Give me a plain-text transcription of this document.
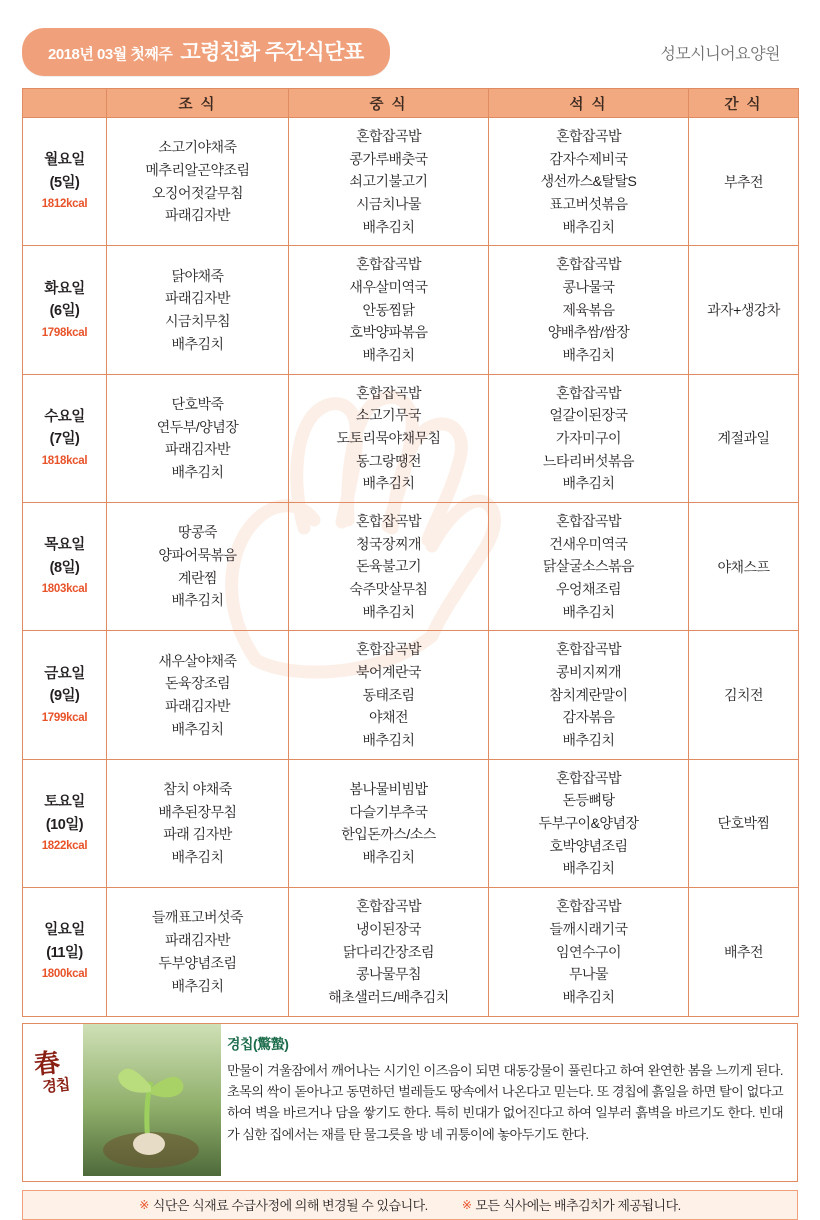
2018년 03월 첫째주 고령친화 주간식단표	성모시니어요양원
	조 식	중 식	석 식	간 식

월요일
(5일)
1812kcal

소고기야채죽
메추리알곤약조림
오징어젓갈무침
파래김자반

혼합잡곡밥
콩가루배춧국
쇠고기불고기
시금치나물
배추김치

혼합잡곡밥
감자수제비국
생선까스&탈탈S
표고버섯볶음
배추김치
	부추전

화요일
(6일)
1798kcal

닭야채죽
파래김자반
시금치무침
배추김치

혼합잡곡밥
새우살미역국
안동찜닭
호박양파볶음
배추김치

혼합잡곡밥
콩나물국
제육볶음
양배추쌈/쌈장
배추김치
	과자+생강차

수요일
(7일)
1818kcal

단호박죽
연두부/양념장
파래김자반
배추김치

혼합잡곡밥
소고기무국
도토리묵야채무침
동그랑땡전
배추김치

혼합잡곡밥
얼갈이된장국
가자미구이
느타리버섯볶음
배추김치
	계절과일

목요일
(8일)
1803kcal

땅콩죽
양파어묵볶음
계란찜
배추김치

혼합잡곡밥
청국장찌개
돈육불고기
숙주맛살무침
배추김치

혼합잡곡밥
건새우미역국
닭살굴소스볶음
우엉채조림
배추김치
	야채스프

금요일
(9일)
1799kcal

새우살야채죽
돈육장조림
파래김자반
배추김치

혼합잡곡밥
북어계란국
동태조림
야채전
배추김치

혼합잡곡밥
콩비지찌개
참치계란말이
감자볶음
배추김치
	김치전

토요일
(10일)
1822kcal

참치 야채죽
배추된장무침
파래 김자반
배추김치

봄나물비빔밥
다슬기부추국
한입돈까스/소스
배추김치

혼합잡곡밥
돈등뼈탕
두부구이&양념장
호박양념조림
배추김치
	단호박찜

일요일
(11일)
1800kcal

들깨표고버섯죽
파래김자반
두부양념조림
배추김치

혼합잡곡밥
냉이된장국
닭다리간장조림
콩나물무침
해초샐러드/배추김치

혼합잡곡밥
들깨시래기국
임연수구이
무나물
배추김치
	배추전
春
경칩
경칩(驚蟄)
만물이 겨울잠에서 깨어나는 시기인 이즈음이 되면 대동강물이 풀린다고 하여 완연한 봄을 느끼게 된다. 초목의 싹이 돋아나고 동면하던 벌레들도 땅속에서 나온다고 믿는다. 또 경칩에 흙일을 하면 탈이 없다고 하여 벽을 바르거나 담을 쌓기도 한다. 특히 빈대가 없어진다고 하여 일부러 흙벽을 바르기도 한다. 빈대가 심한 집에서는 재를 탄 물그릇을 방 네 귀퉁이에 놓아두기도 한다.
※ 식단은 식재료 수급사정에 의해 변경될 수 있습니다.	※ 모든 식사에는 배추김치가 제공됩니다.
